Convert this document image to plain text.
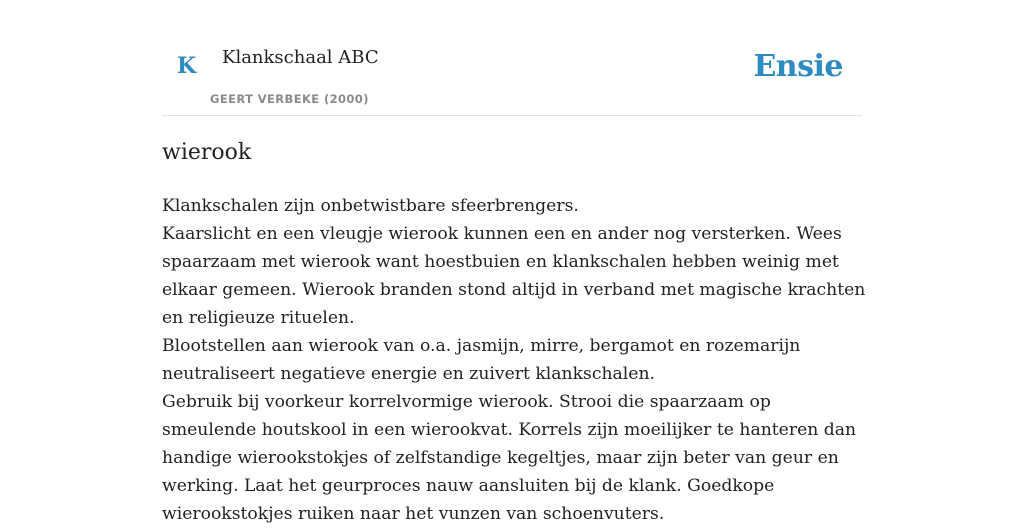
K Klankschaal ABC
GEERT VERBEKE (2000)
Ensie
wierook

Klankschalen zijn onbetwistbare sfeerbrengers.

Kaarslicht en een vleugje wierook kunnen een en ander nog versterken. Wees spaarzaam met wierook want hoestbuien en klankschalen hebben weinig met elkaar gemeen. Wierook branden stond altijd in verband met magische krachten en religieuze rituelen.

Blootstellen aan wierook van o.a. jasmijn, mirre, bergamot en rozemarijn neutraliseert negatieve energie en zuivert klankschalen.

Gebruik bij voorkeur korrelvormige wierook. Strooi die spaarzaam op smeulende houtskool in een wierookvat. Korrels zijn moeilijker te hanteren dan handige wierookstokjes of zelfstandige kegeltjes, maar zijn beter van geur en werking. Laat het geurproces nauw aansluiten bij de klank. Goedkope wierookstokjes ruiken naar het vunzen van schoenvuters.
